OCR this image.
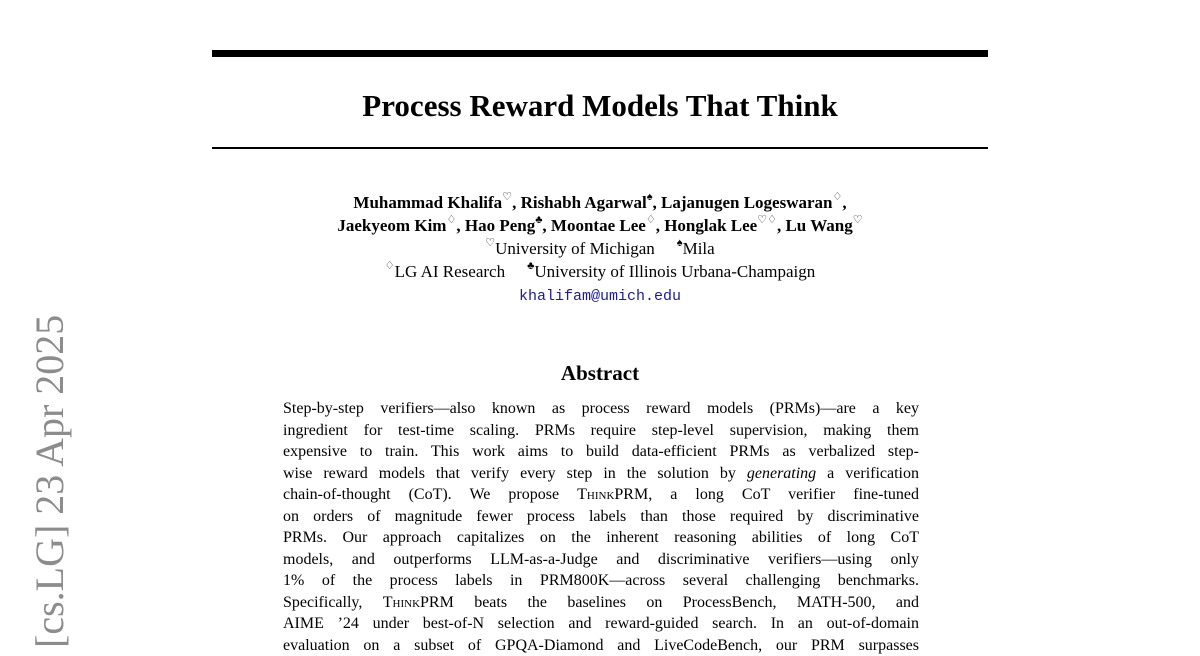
Process Reward Models That Think
Muhammad Khalifa♡, Rishabh Agarwal♠, Lajanugen Logeswaran♢,
Jaekyeom Kim♢, Hao Peng♣, Moontae Lee♢, Honglak Lee♡♢, Lu Wang♡
♡University of Michigan ♠Mila
♢LG AI Research ♣University of Illinois Urbana-Champaign
khalifam@umich.edu
Abstract
Step-by-step verifiers—also known as process reward models (PRMs)—are a key
ingredient for test-time scaling. PRMs require step-level supervision, making them
expensive to train. This work aims to build data-efficient PRMs as verbalized step-
wise reward models that verify every step in the solution by generating a verification
chain-of-thought (CoT). We propose ThinkPRM, a long CoT verifier fine-tuned
on orders of magnitude fewer process labels than those required by discriminative
PRMs. Our approach capitalizes on the inherent reasoning abilities of long CoT
models, and outperforms LLM-as-a-Judge and discriminative verifiers—using only
1% of the process labels in PRM800K—across several challenging benchmarks.
Specifically, ThinkPRM beats the baselines on ProcessBench, MATH-500, and
AIME ’24 under best-of-N selection and reward-guided search. In an out-of-domain
evaluation on a subset of GPQA-Diamond and LiveCodeBench, our PRM surpasses
[cs.LG] 23 Apr 2025
